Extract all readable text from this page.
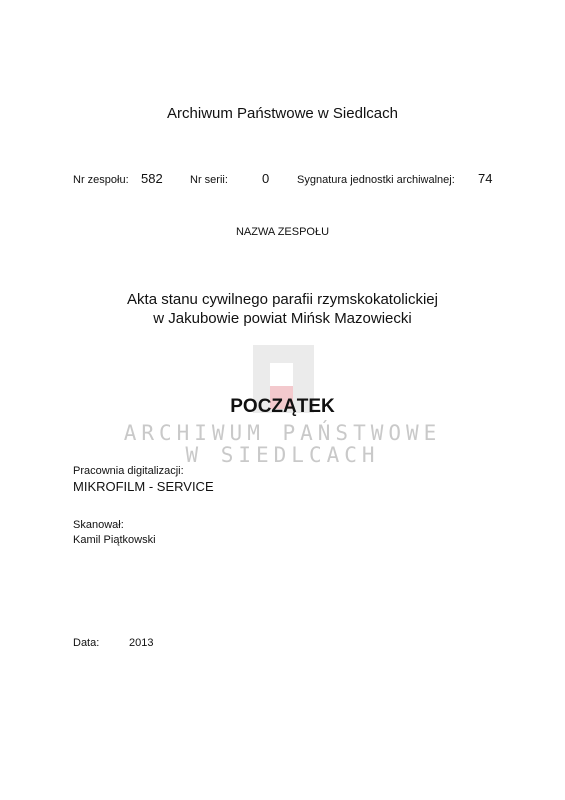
Archiwum Państwowe w Siedlcach
Nr zespołu: 582 Nr serii:	0	Sygnatura jednostki archiwalnej: 74
NAZWA ZESPOŁU
Akta stanu cywilnego parafii rzymskokatolickiej
w Jakubowie powiat Mińsk Mazowiecki
POCZĄTEK
ARCHIWUM PAŃSTWOWE
W SIEDLCACH
Pracownia digitalizacji:
MIKROFILM - SERVICE
Skanował:
Kamil Piątkowski
Data:	2013
